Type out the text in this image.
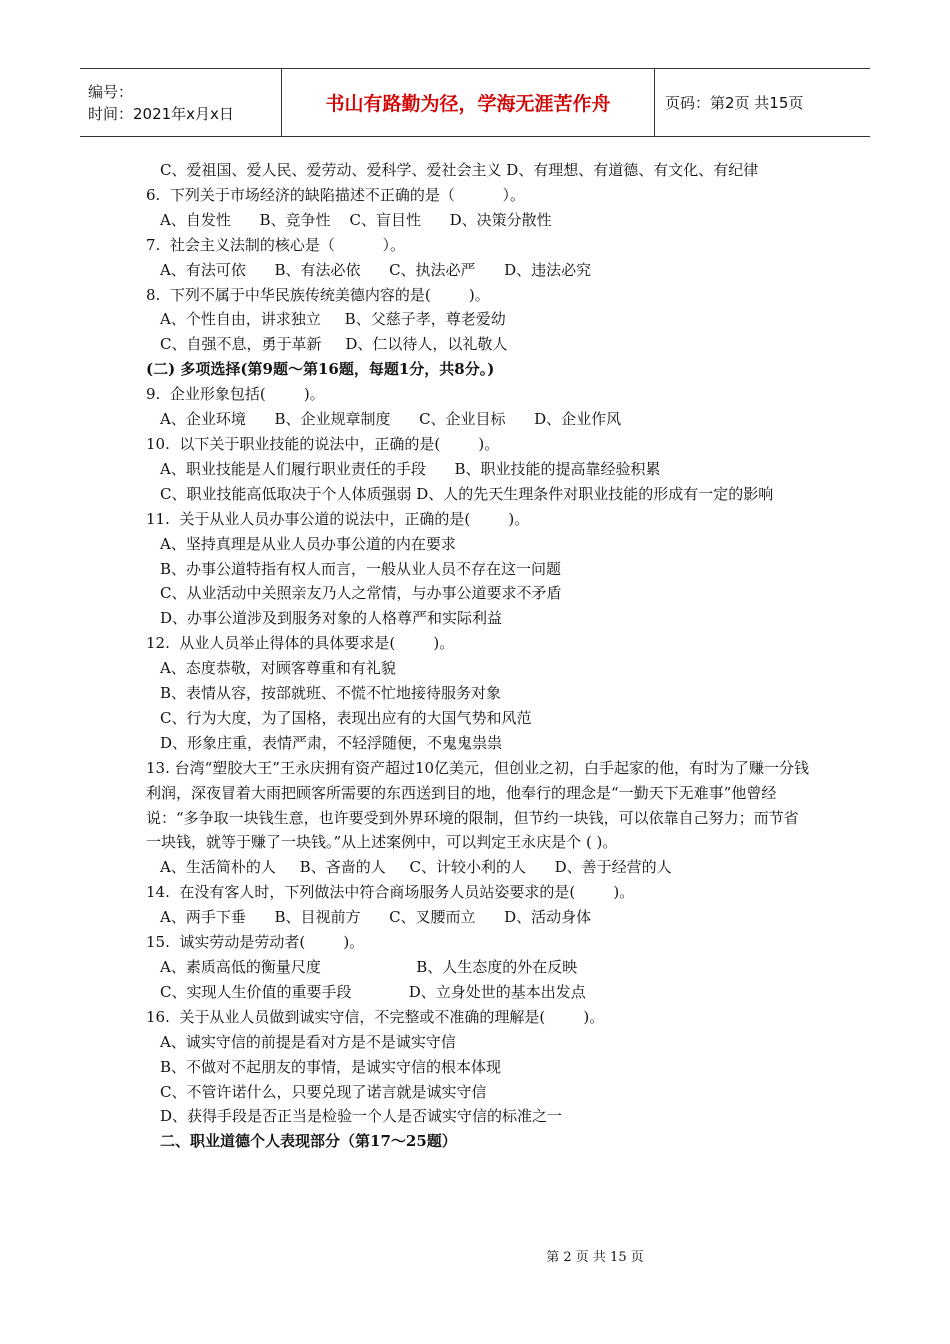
编号：
时间：2021年x月x日	书山有路勤为径，学海无涯苦作舟	页码：第2页 共15页
C、爱祖国、爱人民、爱劳动、爱科学、爱社会主义 D、有理想、有道德、有文化、有纪律
6.  下列关于市场经济的缺陷描述不正确的是（          ）。
A、自发性      B、竞争性    C、盲目性      D、决策分散性
7.  社会主义法制的核心是（          ）。
A、有法可依      B、有法必依      C、执法必严      D、违法必究
8.  下列不属于中华民族传统美德内容的是(        )。
A、个性自由，讲求独立     B、父慈子孝，尊老爱幼
C、自强不息，勇于革新     D、仁以待人，以礼敬人
(二) 多项选择(第9题～第16题，每题1分，共8分。)
9.  企业形象包括(        )。
A、企业环境      B、企业规章制度      C、企业目标      D、企业作风
10.  以下关于职业技能的说法中，正确的是(        )。
A、职业技能是人们履行职业责任的手段      B、职业技能的提高靠经验积累
C、职业技能高低取决于个人体质强弱 D、人的先天生理条件对职业技能的形成有一定的影响
11.  关于从业人员办事公道的说法中，正确的是(        )。
A、坚持真理是从业人员办事公道的内在要求
B、办事公道特指有权人而言，一般从业人员不存在这一问题
C、从业活动中关照亲友乃人之常情，与办事公道要求不矛盾
D、办事公道涉及到服务对象的人格尊严和实际利益
12.  从业人员举止得体的具体要求是(        )。
A、态度恭敬，对顾客尊重和有礼貌
B、表情从容，按部就班、不慌不忙地接待服务对象
C、行为大度，为了国格，表现出应有的大国气势和风范
D、形象庄重，表情严肃，不轻浮随便，不鬼鬼祟祟
13. 台湾“塑胶大王”王永庆拥有资产超过10亿美元，但创业之初，白手起家的他，有时为了赚一分钱利润，深夜冒着大雨把顾客所需要的东西送到目的地，他奉行的理念是“一勤天下无难事”他曾经说：“多争取一块钱生意，也许要受到外界环境的限制，但节约一块钱，可以依靠自己努力；而节省一块钱，就等于赚了一块钱。”从上述案例中，可以判定王永庆是个 ( )。
A、生活简朴的人     B、吝啬的人     C、计较小利的人      D、善于经营的人
14.  在没有客人时，下列做法中符合商场服务人员站姿要求的是(        )。
A、两手下垂      B、目视前方      C、叉腰而立      D、活动身体
15.  诚实劳动是劳动者(        )。
A、素质高低的衡量尺度                    B、人生态度的外在反映
C、实现人生价值的重要手段            D、立身处世的基本出发点
16.  关于从业人员做到诚实守信，不完整或不准确的理解是(        )。
A、诚实守信的前提是看对方是不是诚实守信
B、不做对不起朋友的事情，是诚实守信的根本体现
C、不管许诺什么，只要兑现了诺言就是诚实守信
D、获得手段是否正当是检验一个人是否诚实守信的标准之一
二、职业道德个人表现部分（第17～25题）
第 2 页 共 15 页
